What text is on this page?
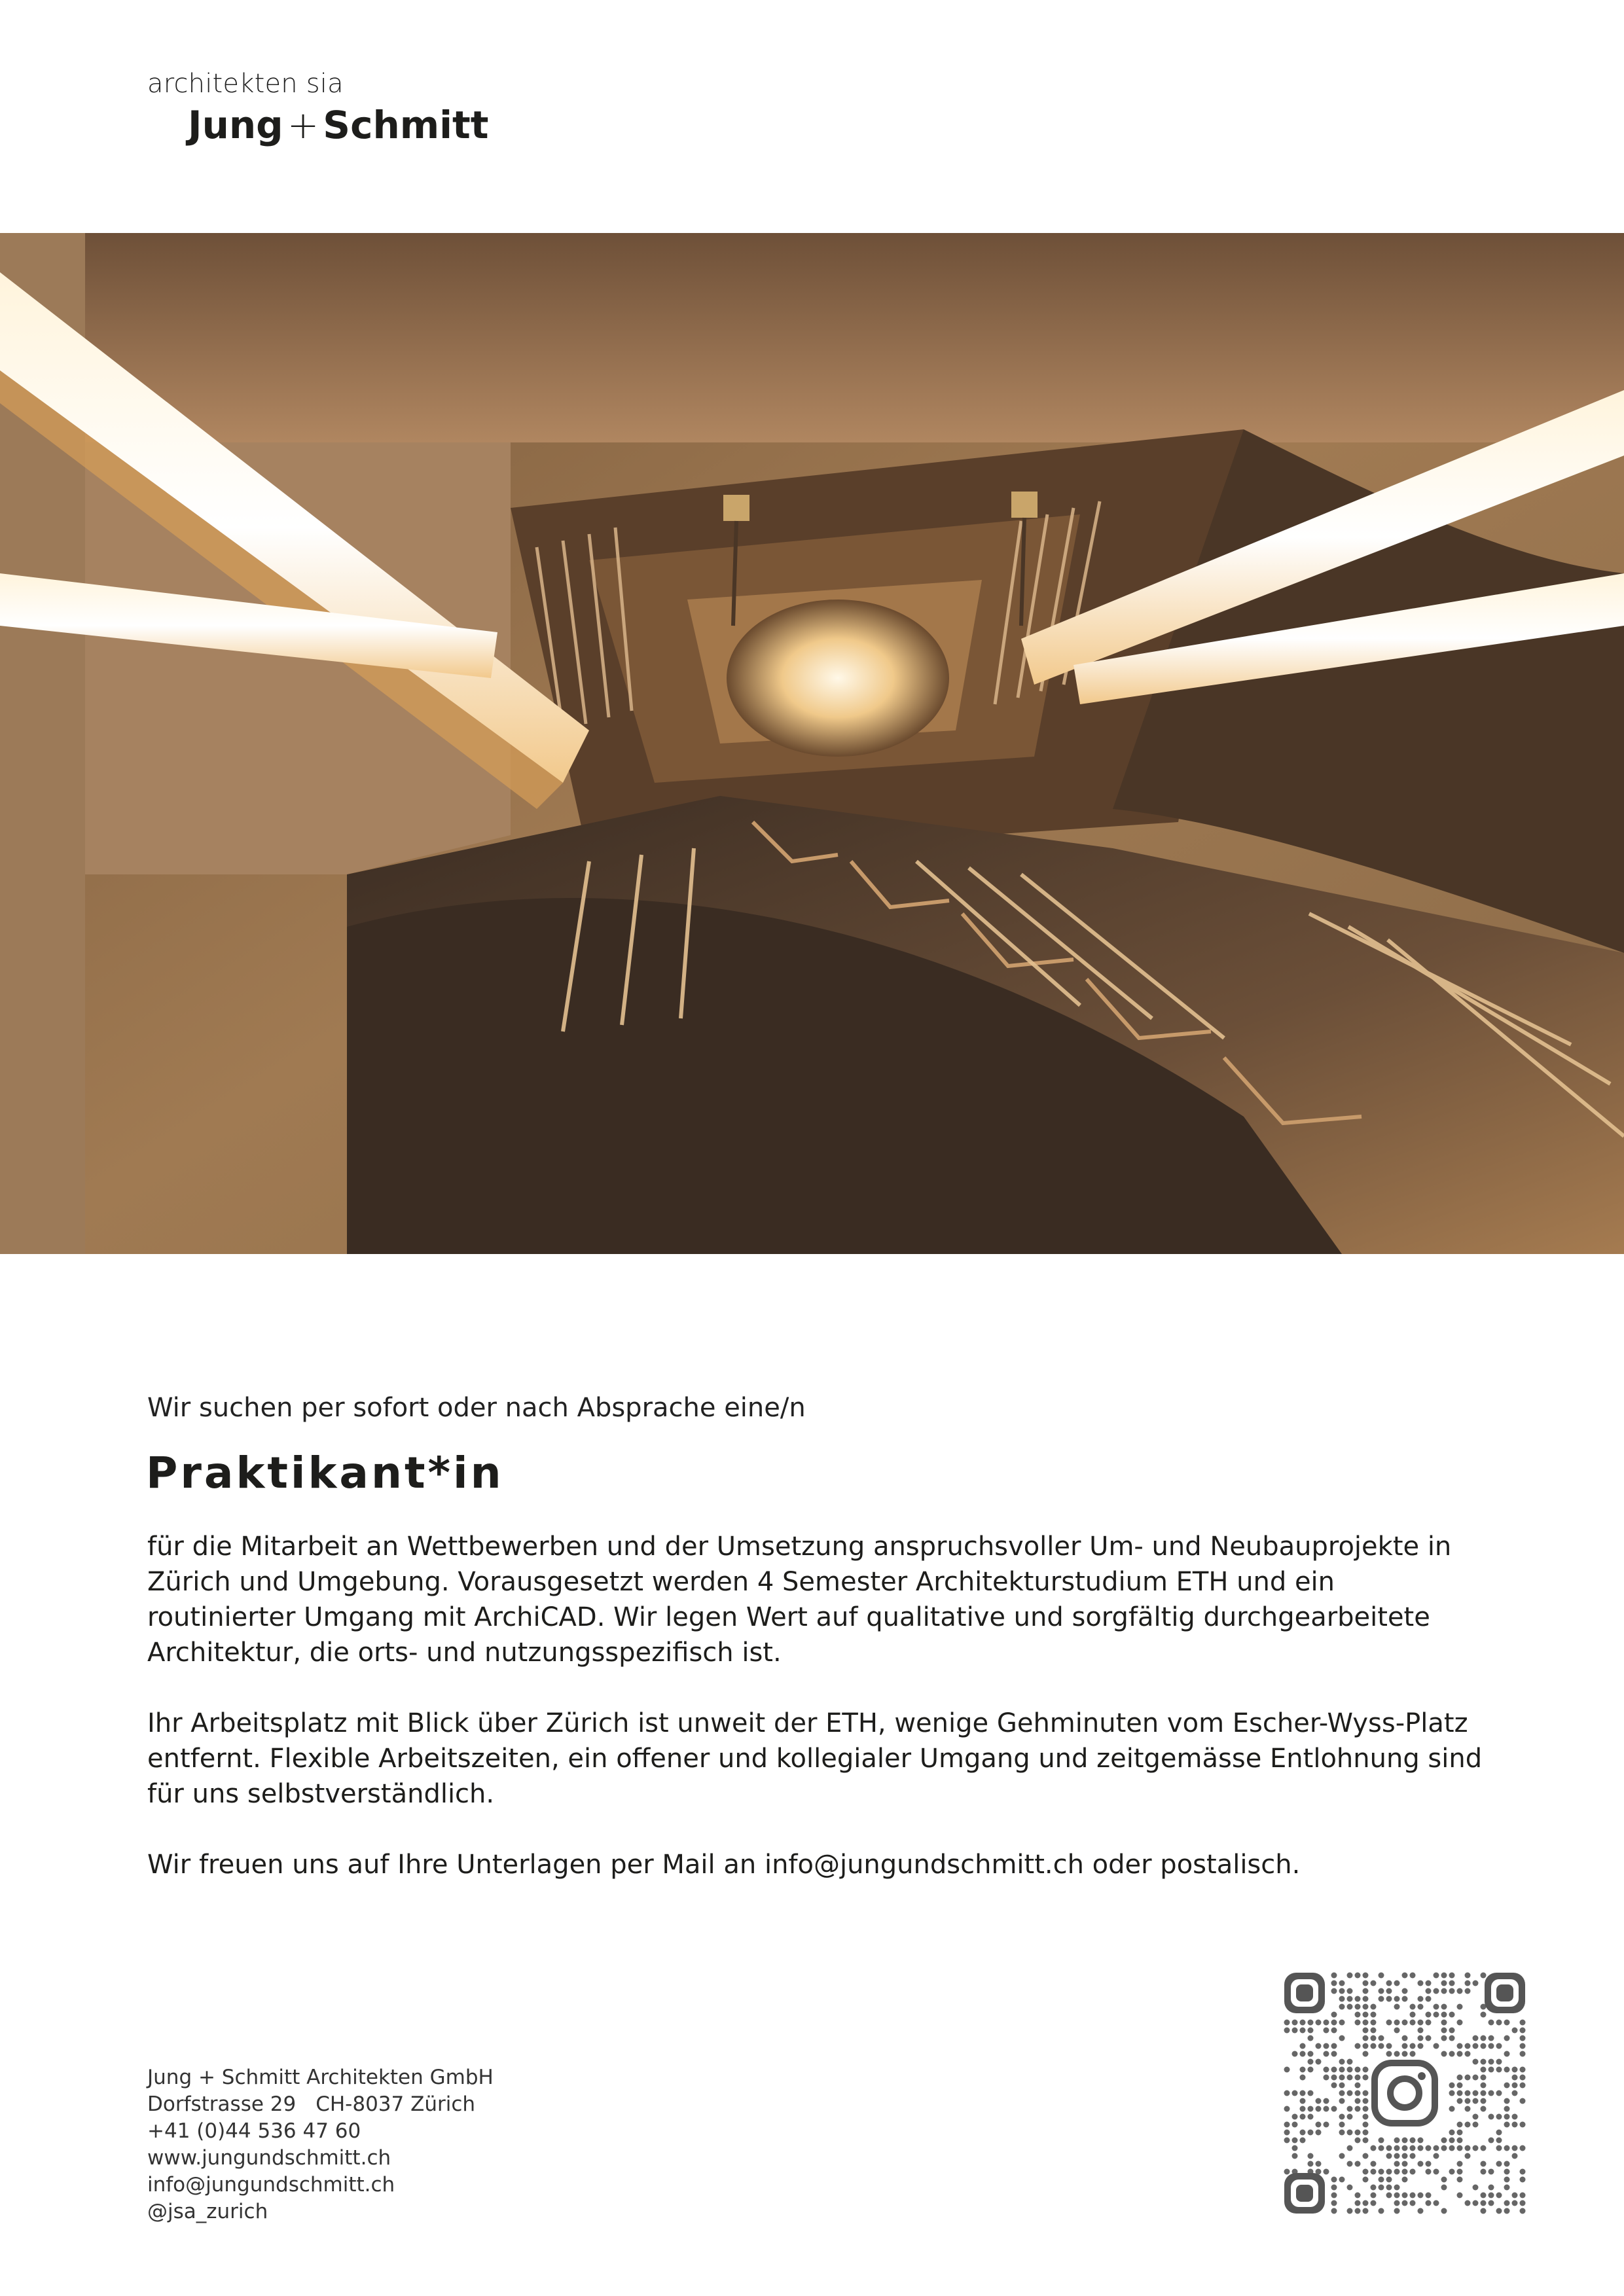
architekten sia
Jung + Schmitt
Wir suchen per sofort oder nach Absprache eine/n
Praktikant*in

für die Mitarbeit an Wettbewerben und der Umsetzung anspruchsvoller Um- und Neubauprojekte in Zürich und Umgebung. Vorausgesetzt werden 4 Semester Architekturstudium ETH und ein routinierter Umgang mit ArchiCAD. Wir legen Wert auf qualitative und sorgfältig durchgearbeitete Architektur, die orts- und nutzungsspezifisch ist.

Ihr Arbeitsplatz mit Blick über Zürich ist unweit der ETH, wenige Gehminuten vom Escher-Wyss-Platz entfernt. Flexible Arbeitszeiten, ein offener und kollegialer Umgang und zeitgemässe Entlohnung sind für uns selbstverständlich.

Wir freuen uns auf Ihre Unterlagen per Mail an info@jungundschmitt.ch oder postalisch.

Jung + Schmitt Architekten GmbH
Dorfstrasse 29 CH-8037 Zürich
+41 (0)44 536 47 60
www.jungundschmitt.ch
info@jungundschmitt.ch
@jsa_zurich
